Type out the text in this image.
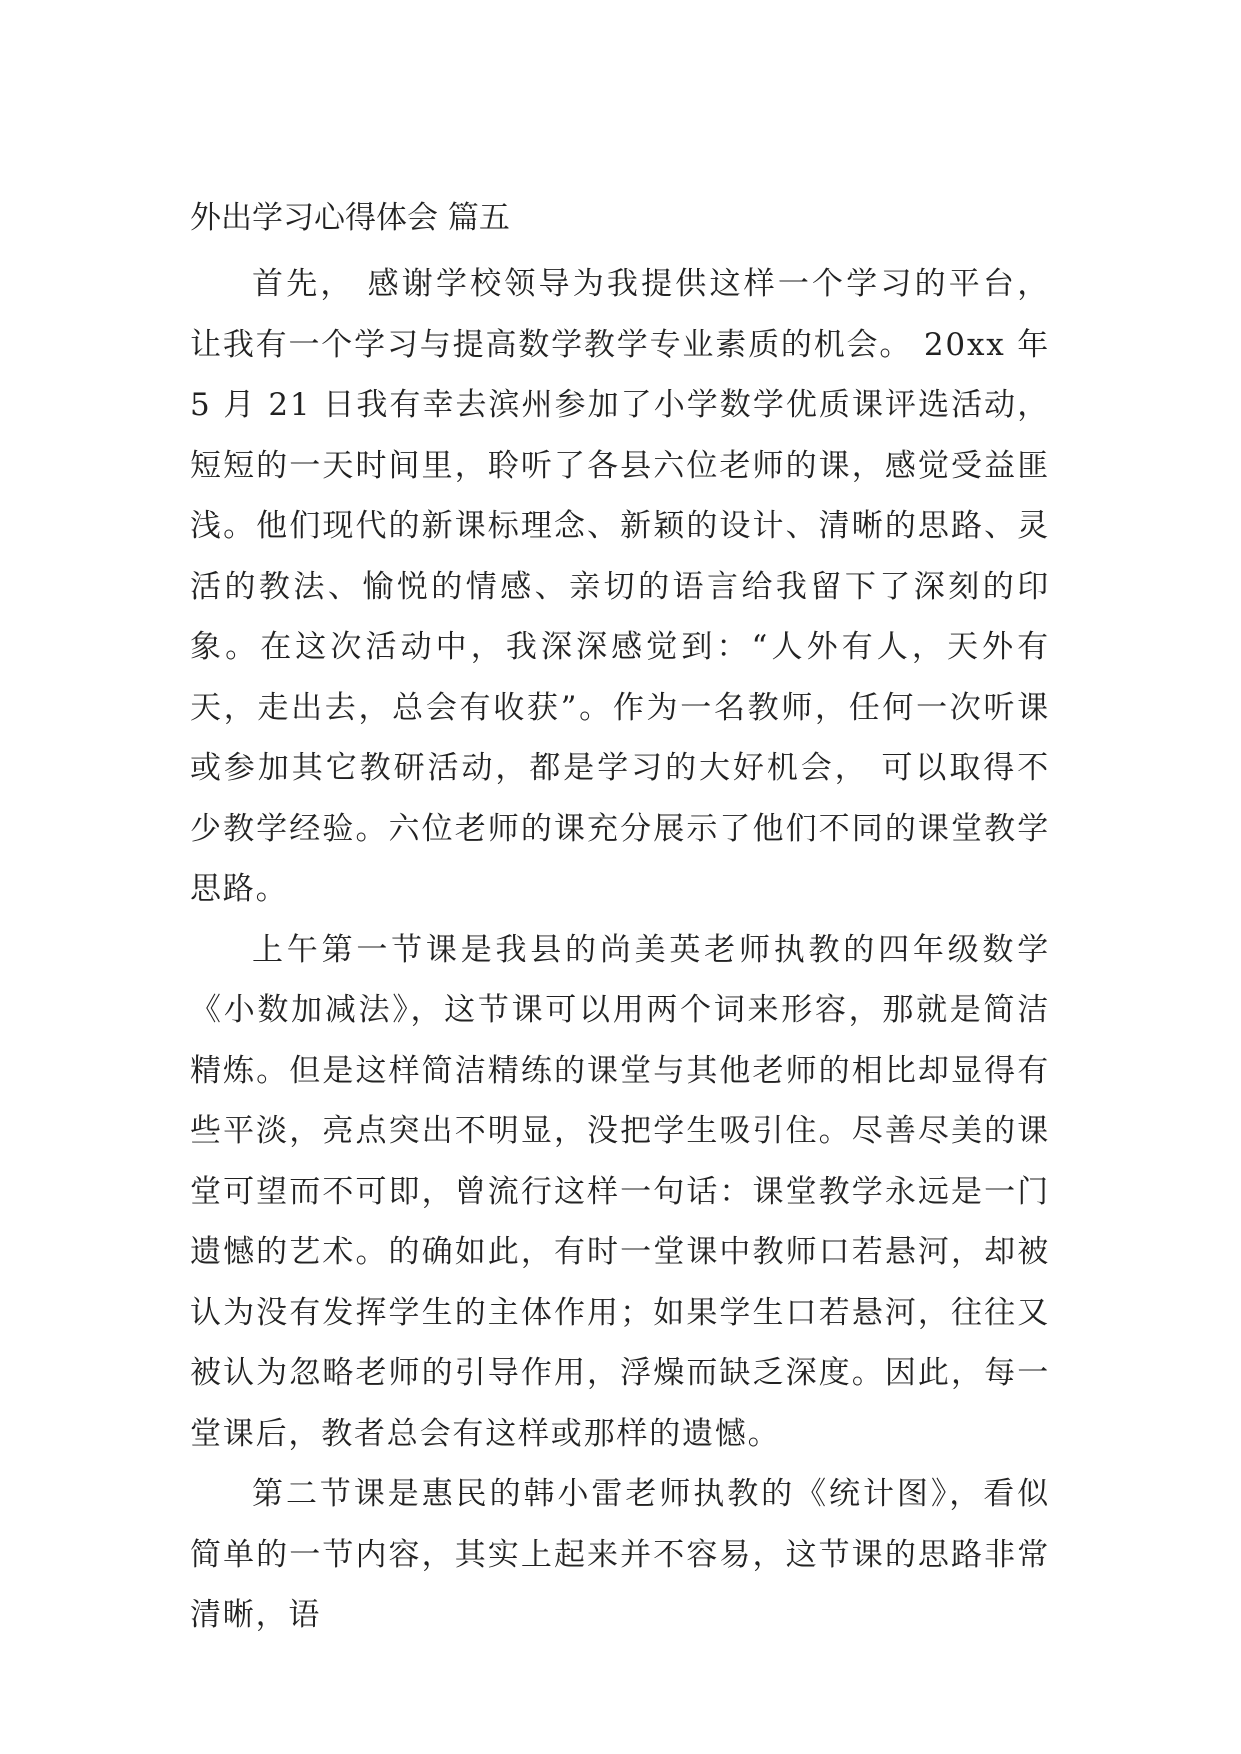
外出学习心得体会 篇五

首先， 感谢学校领导为我提供这样一个学习的平台，让我有一个学习与提高数学教学专业素质的机会。 20xx 年 5 月 21 日我有幸去滨州参加了小学数学优质课评选活动，短短的一天时间里，聆听了各县六位老师的课，感觉受益匪浅。他们现代的新课标理念、新颖的设计、清晰的思路、灵活的教法、愉悦的情感、亲切的语言给我留下了深刻的印象。在这次活动中，我深深感觉到：“人外有人，天外有天，走出去，总会有收获”。作为一名教师，任何一次听课或参加其它教研活动，都是学习的大好机会， 可以取得不少教学经验。六位老师的课充分展示了他们不同的课堂教学思路。

上午第一节课是我县的尚美英老师执教的四年级数学《小数加减法》，这节课可以用两个词来形容，那就是简洁精炼。但是这样简洁精练的课堂与其他老师的相比却显得有些平淡，亮点突出不明显，没把学生吸引住。尽善尽美的课堂可望而不可即，曾流行这样一句话：课堂教学永远是一门遗憾的艺术。的确如此，有时一堂课中教师口若悬河，却被认为没有发挥学生的主体作用；如果学生口若悬河，往往又被认为忽略老师的引导作用，浮燥而缺乏深度。因此，每一堂课后，教者总会有这样或那样的遗憾。

第二节课是惠民的韩小雷老师执教的《统计图》，看似简单的一节内容，其实上起来并不容易，这节课的思路非常清晰，语
